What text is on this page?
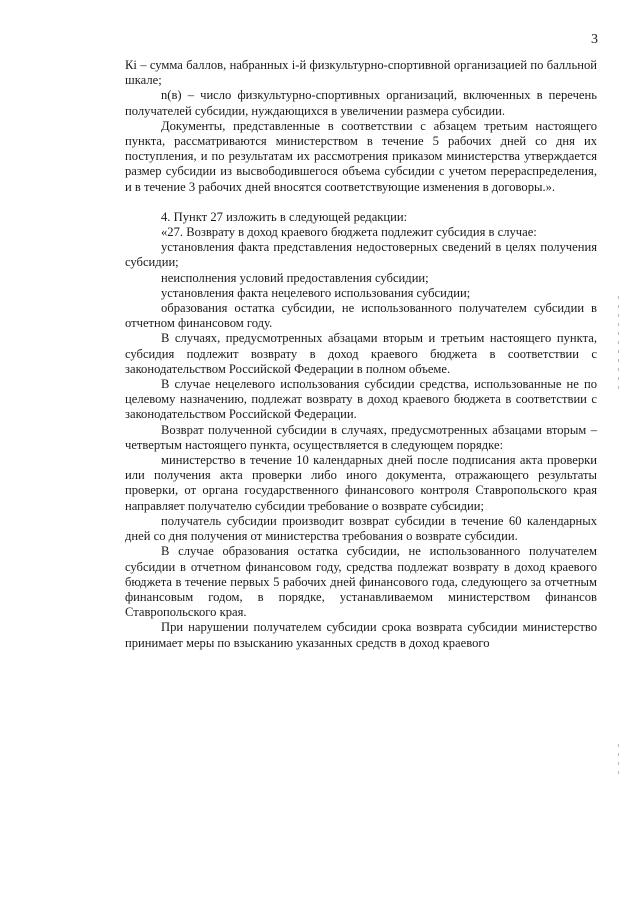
3

Кi – сумма баллов, набранных i-й физкультурно-спортивной организацией по балльной шкале;

n(в) – число физкультурно-спортивных организаций, включенных в перечень получателей субсидии, нуждающихся в увеличении размера субсидии.

Документы, представленные в соответствии с абзацем третьим настоящего пункта, рассматриваются министерством в течение 5 рабочих дней со дня их поступления, и по результатам их рассмотрения приказом министерства утверждается размер субсидии из высвободившегося объема субсидии с учетом перераспределения, и в течение 3 рабочих дней вносятся соответствующие изменения в договоры.».

4. Пункт 27 изложить в следующей редакции:

«27. Возврату в доход краевого бюджета подлежит субсидия в случае:

установления факта представления недостоверных сведений в целях получения субсидии;

неисполнения условий предоставления субсидии;

установления факта нецелевого использования субсидии;

образования остатка субсидии, не использованного получателем субсидии в отчетном финансовом году.

В случаях, предусмотренных абзацами вторым и третьим настоящего пункта, субсидия подлежит возврату в доход краевого бюджета в соответствии с законодательством Российской Федерации в полном объеме.

В случае нецелевого использования субсидии средства, использованные не по целевому назначению, подлежат возврату в доход краевого бюджета в соответствии с законодательством Российской Федерации.

Возврат полученной субсидии в случаях, предусмотренных абзацами вторым – четвертым настоящего пункта, осуществляется в следующем порядке:

министерство в течение 10 календарных дней после подписания акта проверки или получения акта проверки либо иного документа, отражающего результаты проверки, от органа государственного финансового контроля Ставропольского края направляет получателю субсидии требование о возврате субсидии;

получатель субсидии производит возврат субсидии в течение 60 календарных дней со дня получения от министерства требования о возврате субсидии.

В случае образования остатка субсидии, не использованного получателем субсидии в отчетном финансовом году, средства подлежат возврату в доход краевого бюджета в течение первых 5 рабочих дней финансового года, следующего за отчетным финансовым годом, в порядке, устанавливаемом министерством финансов Ставропольского края.

При нарушении получателем субсидии срока возврата субсидии министерство принимает меры по взысканию указанных средств в доход краевого
